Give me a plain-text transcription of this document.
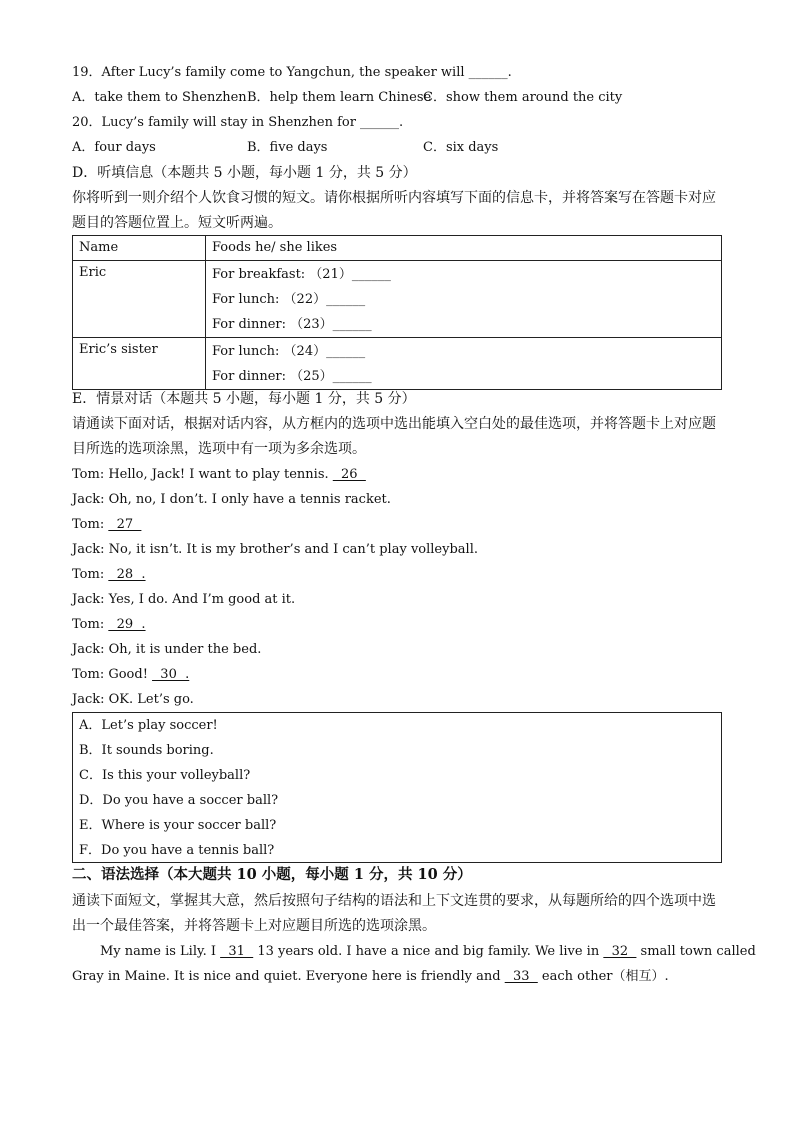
19．After Lucy’s family come to Yangchun, the speaker will ______.
A．take them to Shenzhen B．help them learn Chinese
C．show them around the city
20．Lucy’s family will stay in Shenzhen for ______.
A．four days	B．five days	C．six days
D．听填信息（本题共 5 小题，每小题 1 分，共 5 分）
你将听到一则介绍个人饮食习惯的短文。请你根据所听内容填写下面的信息卡，并将答案写在答题卡对应
题目的答题位置上。短文听两遍。
Name	Foods he/ she likes
Eric	For breakfast: （21）______
For lunch: （22）______
For dinner: （23）______

Eric’s sister	For lunch: （24）______
For dinner: （25）______
E．情景对话（本题共 5 小题，每小题 1 分，共 5 分）
请通读下面对话，根据对话内容，从方框内的选项中选出能填入空白处的最佳选项，并将答题卡上对应题
目所选的选项涂黑，选项中有一项为多余选项。
Tom: Hello, Jack! I want to play tennis.   26
Jack: Oh, no, I don’t. I only have a tennis racket.
Tom:   27
Jack: No, it isn’t. It is my brother’s and I can’t play volleyball.
Tom:   28  .
Jack: Yes, I do. And I’m good at it.
Tom:   29  .
Jack: Oh, it is under the bed.
Tom: Good!   30  .
Jack: OK. Let’s go.
A．Let’s play soccer!
B．It sounds boring.
C．Is this your volleyball?
D．Do you have a soccer ball?
E．Where is your soccer ball?
F．Do you have a tennis ball?
二、语法选择（本大题共 10 小题，每小题 1 分，共 10 分）
通读下面短文，掌握其大意，然后按照句子结构的语法和上下文连贯的要求，从每题所给的四个选项中选
出一个最佳答案，并将答题卡上对应题目所选的选项涂黑。
My name is Lily. I   31   13 years old. I have a nice and big family. We live in   32   small town called
Gray in Maine. It is nice and quiet. Everyone here is friendly and   33   each other（相互）.
